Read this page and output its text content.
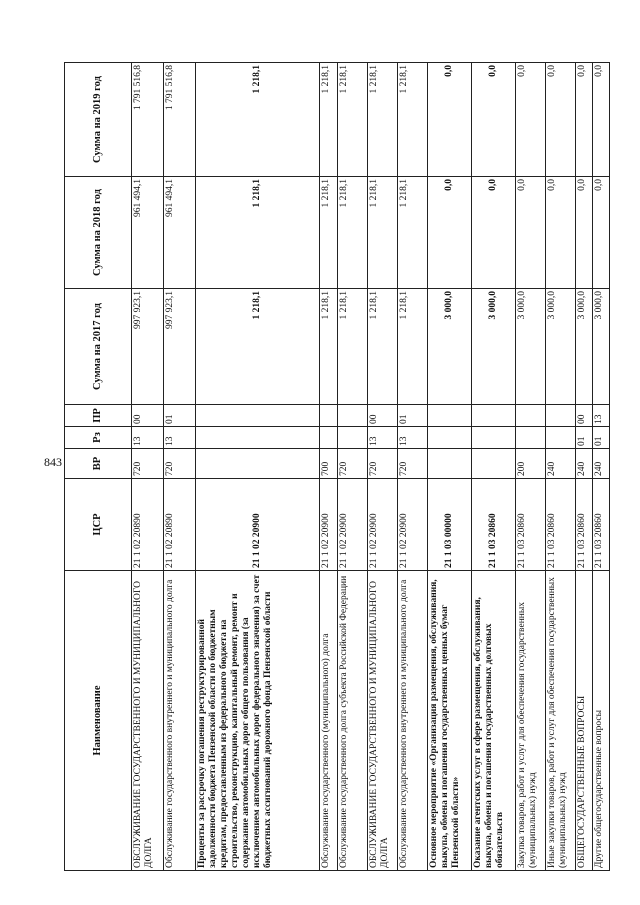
843
Наименование	ЦСР	ВР	Рз	ПР	Сумма на 2017 год	Сумма на 2018 год	Сумма на 2019 год
ОБСЛУЖИВАНИЕ ГОСУДАРСТВЕННОГО И МУНИЦИПАЛЬНОГО ДОЛГА	21 1 02 20890	720	13	00	997 923,1	961 494,1	1 791 516,8
Обслуживание государственного внутреннего и муниципального долга	21 1 02 20890	720	13	01	997 923,1	961 494,1	1 791 516,8
Проценты за рассрочку погашения реструктурированной задолженности бюджета Пензенской области по бюджетным кредитам, предоставленным из федерального бюджета на строительство, реконструкцию, капитальный ремонт, ремонт и содержание автомобильных дорог общего пользования (за исключением автомобильных дорог федерального значения) за счет бюджетных ассигнований дорожного фонда Пензенской области	21 1 02 20900				1 218,1	1 218,1	1 218,1
Обслуживание государственного (муниципального) долга	21 1 02 20900	700			1 218,1	1 218,1	1 218,1
Обслуживание государственного долга субъекта Российской Федерации	21 1 02 20900	720			1 218,1	1 218,1	1 218,1
ОБСЛУЖИВАНИЕ ГОСУДАРСТВЕННОГО И МУНИЦИПАЛЬНОГО ДОЛГА	21 1 02 20900	720	13	00	1 218,1	1 218,1	1 218,1
Обслуживание государственного внутреннего и муниципального долга	21 1 02 20900	720	13	01	1 218,1	1 218,1	1 218,1
Основное мероприятие «Организация размещения, обслуживания, выкупа, обмена и погашения государственных ценных бумаг Пензенской области»	21 1 03 00000				3 000,0	0,0	0,0
Оказание агентских услуг в сфере размещения, обслуживания, выкупа, обмена и погашения государственных долговых обязательств	21 1 03 20860				3 000,0	0,0	0,0
Закупка товаров, работ и услуг для обеспечения государственных (муниципальных) нужд	21 1 03 20860	200			3 000,0	0,0	0,0
Иные закупки товаров, работ и услуг для обеспечения государственных (муниципальных) нужд	21 1 03 20860	240			3 000,0	0,0	0,0
ОБЩЕГОСУДАРСТВЕННЫЕ ВОПРОСЫ	21 1 03 20860	240	01	00	3 000,0	0,0	0,0
Другие общегосударственные вопросы	21 1 03 20860	240	01	13	3 000,0	0,0	0,0
